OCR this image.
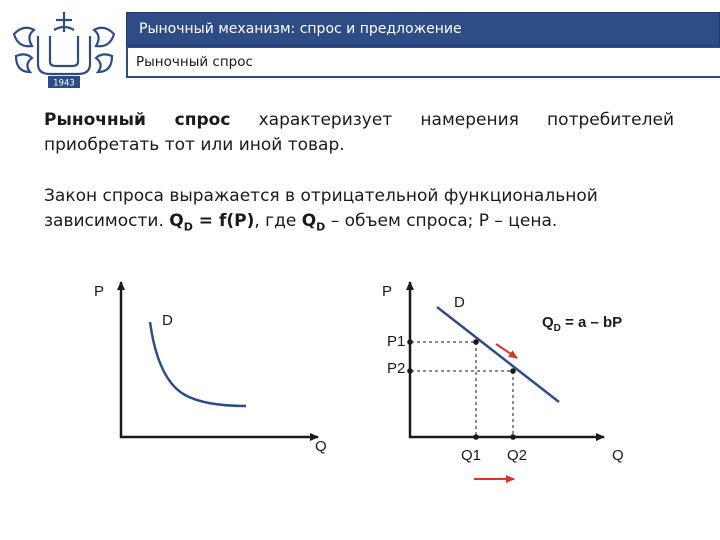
1943
Рыночный механизм: спрос и предложение
Рыночный спрос

Рыночный спрос характеризует намерения потребителей
приобретать тот или иной товар.

Закон спроса выражается в отрицательной функциональной
зависимости. $Q_D = f(P)$, где $Q_D$ – объем спроса; P – цена.

P
D
Q
P
D
$Q_D = a$ – bP
P1
P2
Q1 Q2	Q
